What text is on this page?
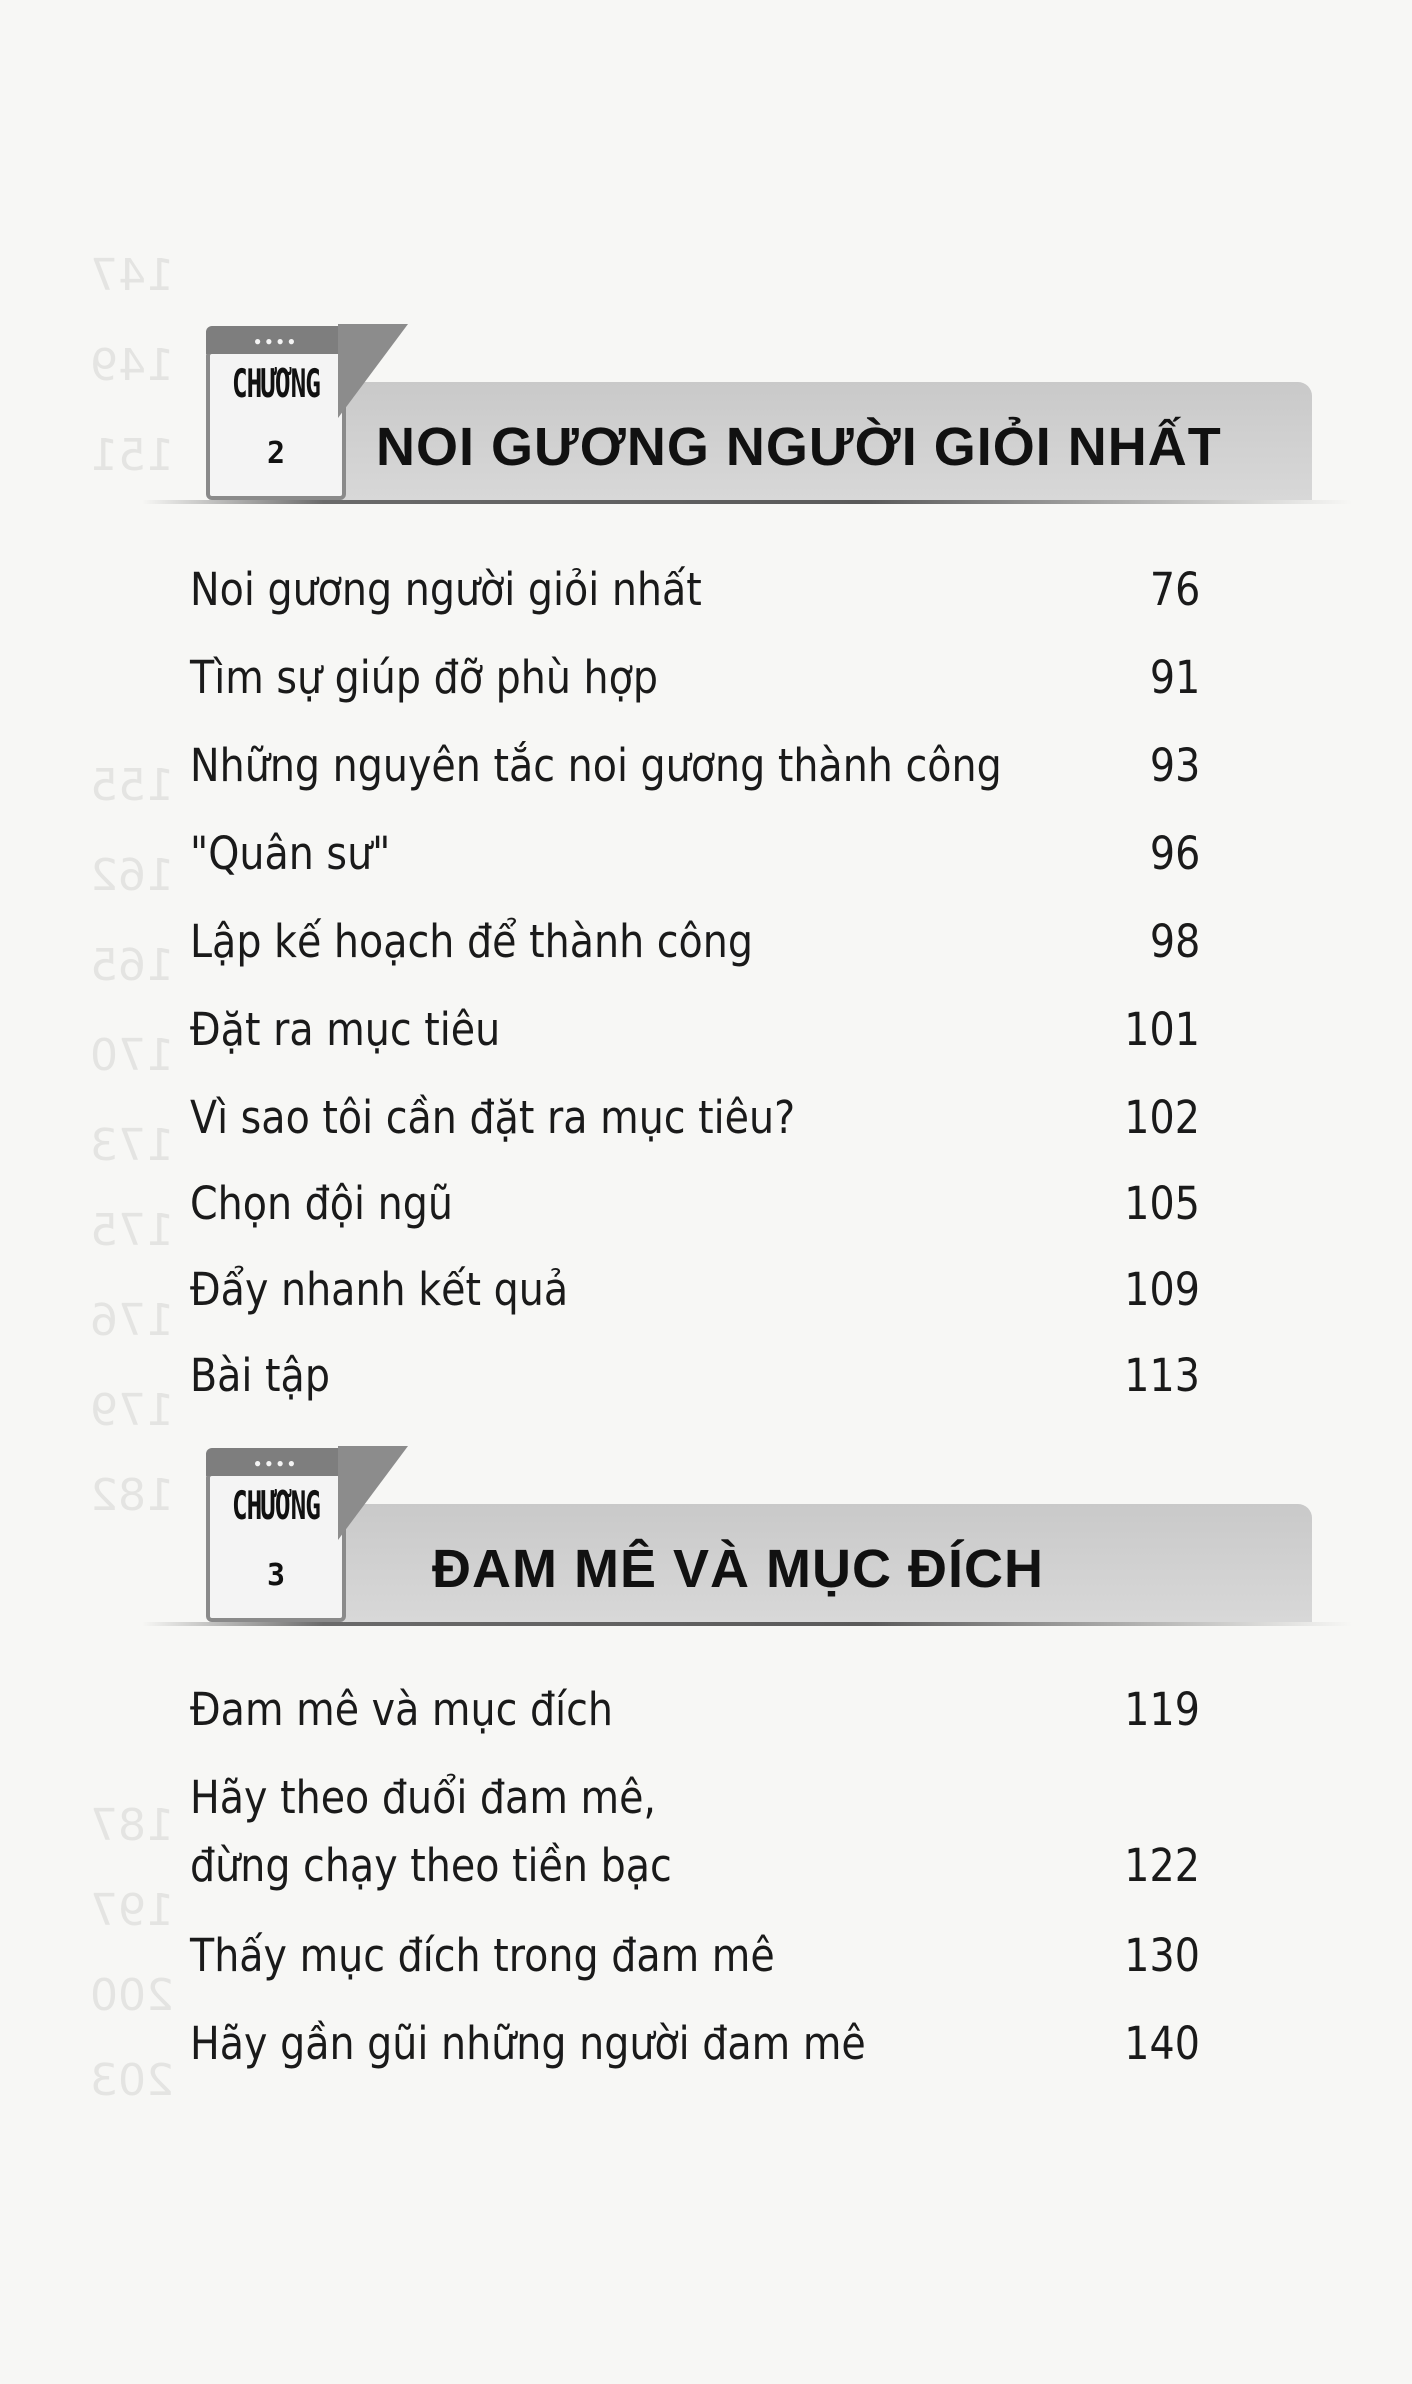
147
149
151
155
162
165
170
173
175
176
179
182
187
197
200
203
●●●●
CHƯƠNG
2	NOI GƯƠNG NGƯỜI GIỎI NHẤT
Noi gương người giỏi nhất	76
Tìm sự giúp đỡ phù hợp	91
Những nguyên tắc noi gương thành công	93
"Quân sư"	96
Lập kế hoạch để thành công	98
Đặt ra mục tiêu	101
Vì sao tôi cần đặt ra mục tiêu?	102
Chọn đội ngũ	105
Đẩy nhanh kết quả	109
Bài tập	113
●●●●
CHƯƠNG
3	ĐAM MÊ VÀ MỤC ĐÍCH
Đam mê và mục đích	119
Hãy theo đuổi đam mê,
đừng chạy theo tiền bạc	122
Thấy mục đích trong đam mê	130
Hãy gần gũi những người đam mê	140
